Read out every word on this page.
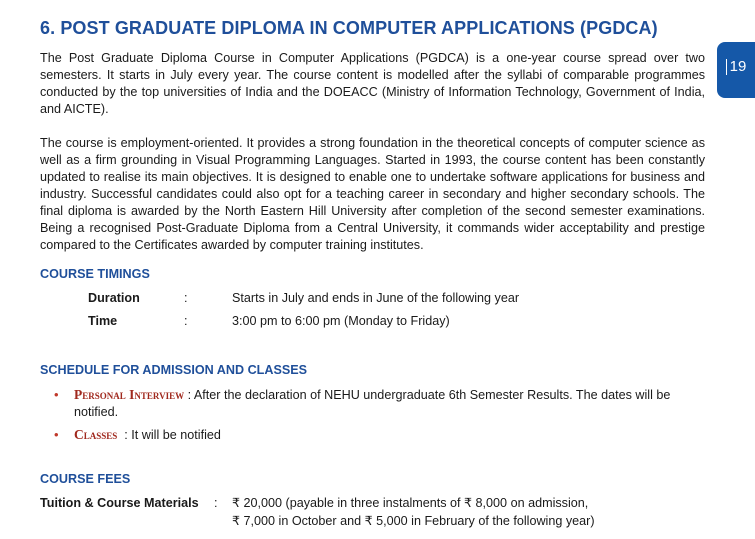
6. POST GRADUATE DIPLOMA IN COMPUTER APPLICATIONS (PGDCA)
19

The Post Graduate Diploma Course in Computer Applications (PGDCA) is a one-year course spread over two semesters. It starts in July every year. The course content is modelled after the syllabi of comparable programmes conducted by the top universities of India and the DOEACC (Ministry of Information Technology, Government of India, and AICTE).

The course is employment-oriented. It provides a strong foundation in the theoretical concepts of computer science as well as a firm grounding in Visual Programming Languages. Started in 1993, the course content has been constantly updated to realise its main objectives. It is designed to enable one to undertake software applications for business and industry. Successful candidates could also opt for a teaching career in secondary and higher secondary schools. The final diploma is awarded by the North Eastern Hill University after completion of the second semester examinations. Being a recognised Post-Graduate Diploma from a Central University, it commands wider acceptability and prestige compared to the Certificates awarded by computer training institutes.

COURSE TIMINGS
Duration	:	Starts in July and ends in June of the following year
Time	:	3:00 pm to 6:00 pm (Monday to Friday)
SCHEDULE FOR ADMISSION AND CLASSES
• Personal Interview : After the declaration of NEHU undergraduate 6th Semester Results. The dates will be notified.
• Classes : It will be notified
COURSE FEES
Tuition & Course Materials : ₹ 20,000 (payable in three instalments of ₹ 8,000 on admission,
₹ 7,000 in October and ₹ 5,000 in February of the following year)
